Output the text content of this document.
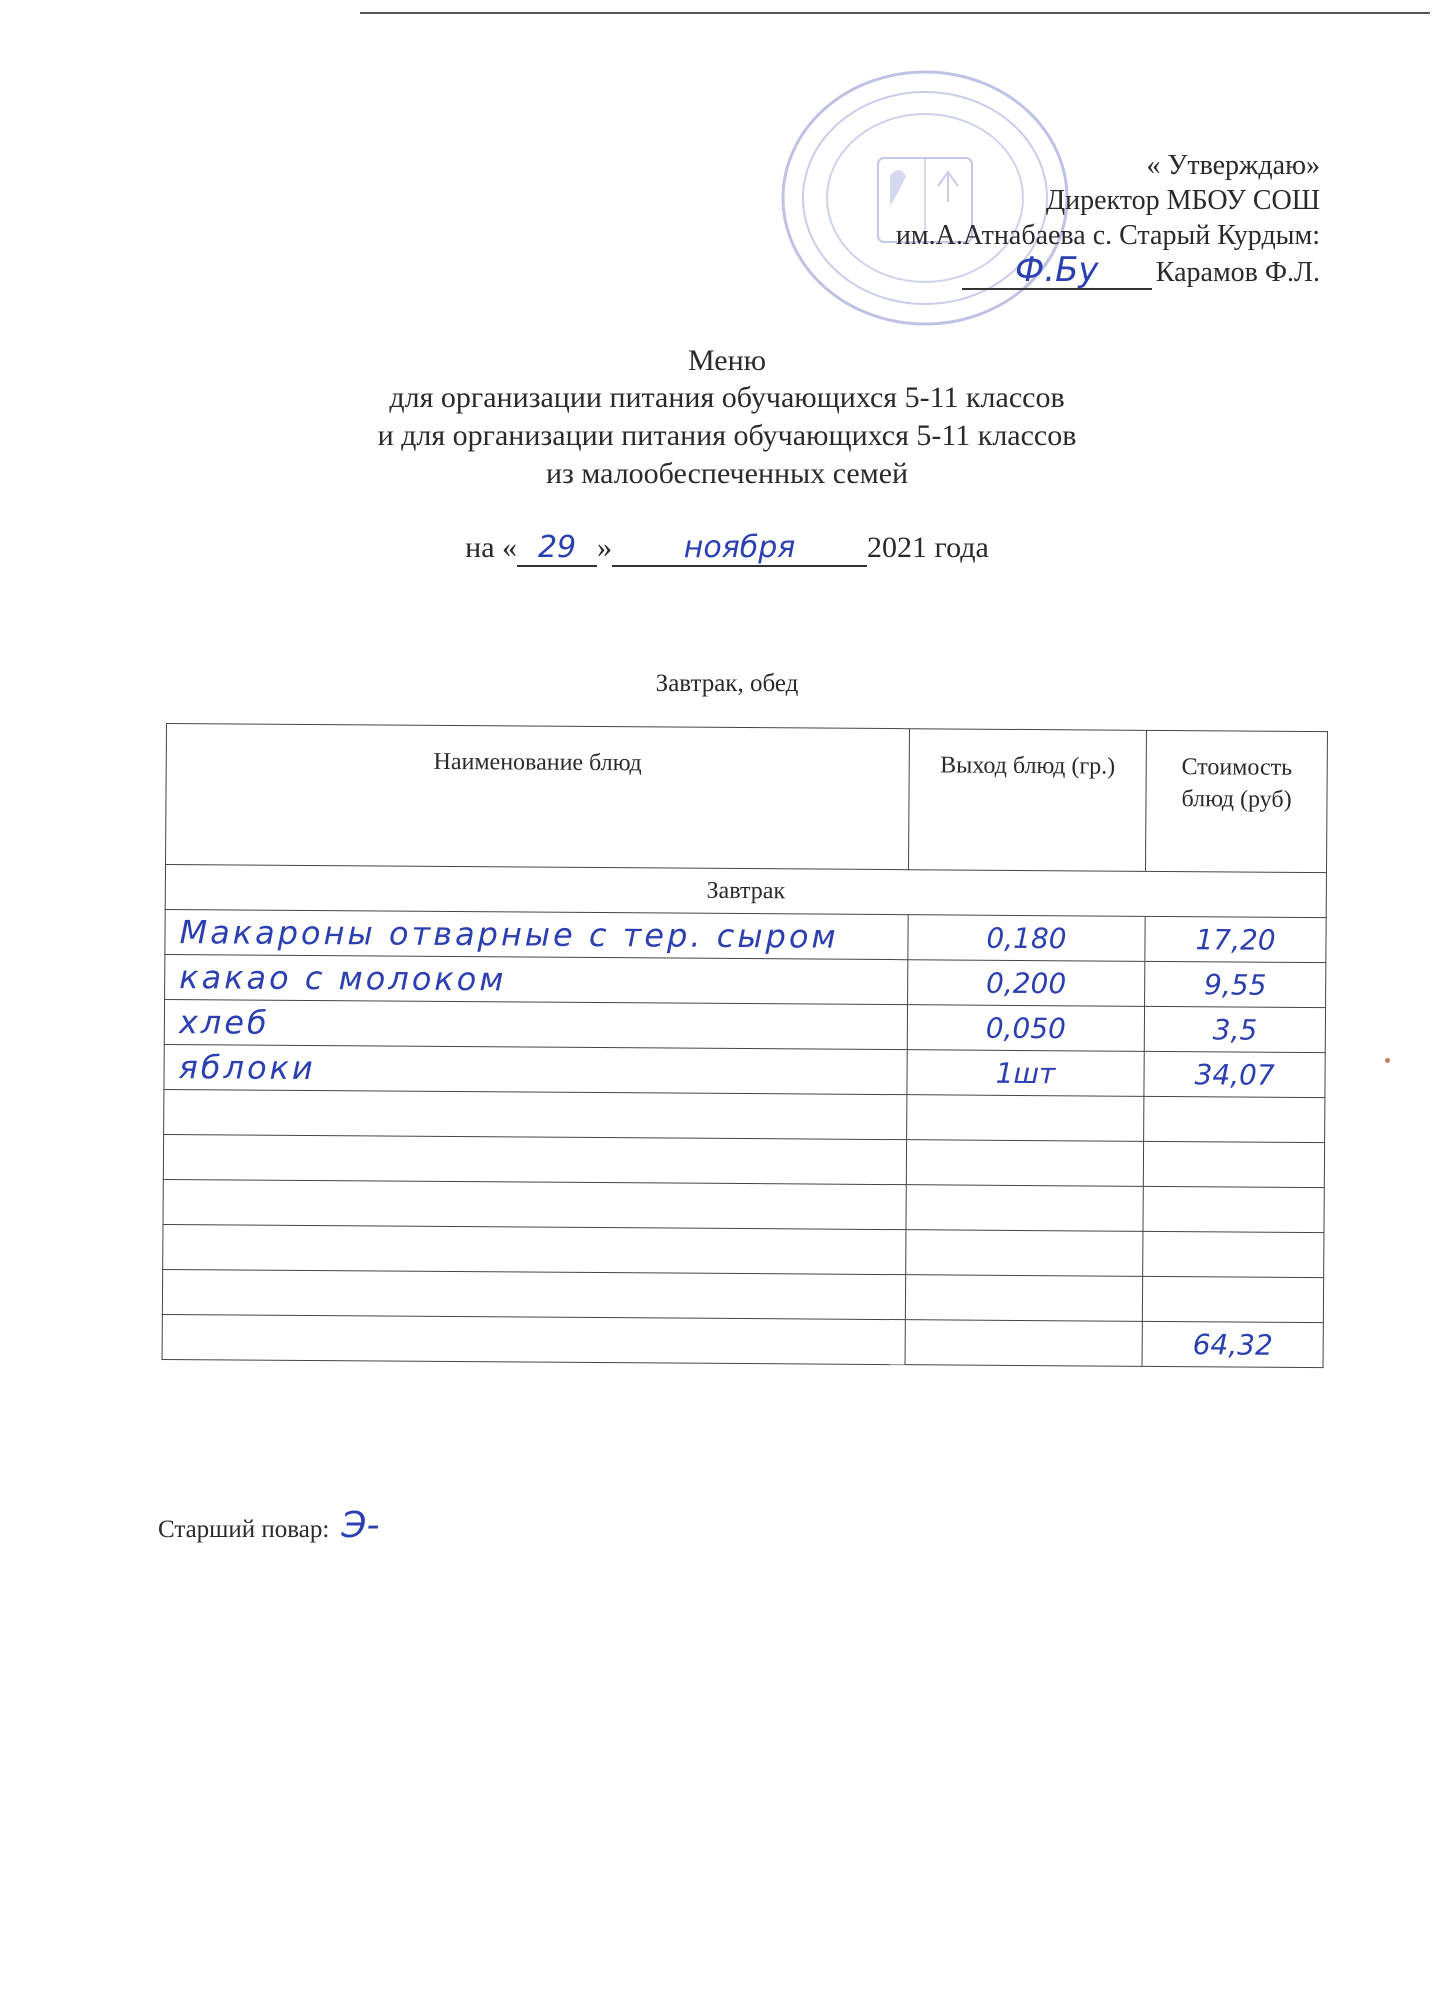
« Утверждаю»
Директор МБОУ СОШ
им.А.Атнабаева с. Старый Курдым:
Ф.Бу Карамов Ф.Л.
Меню
для организации питания обучающихся 5-11 классов
и для организации питания обучающихся 5-11 классов
из малообеспеченных семей
на « 29 » ноября 2021 года
Завтрак, обед
Наименование блюд	Выход блюд (гр.)	Стоимость блюд (руб)
Завтрак		
Макароны отварные с тер. сыром	0,180	17,20
какао с молоком	0,200	9,55
хлеб	0,050	3,5
яблоки	1шт	34,07

		64,32
Старший повар: Э-
